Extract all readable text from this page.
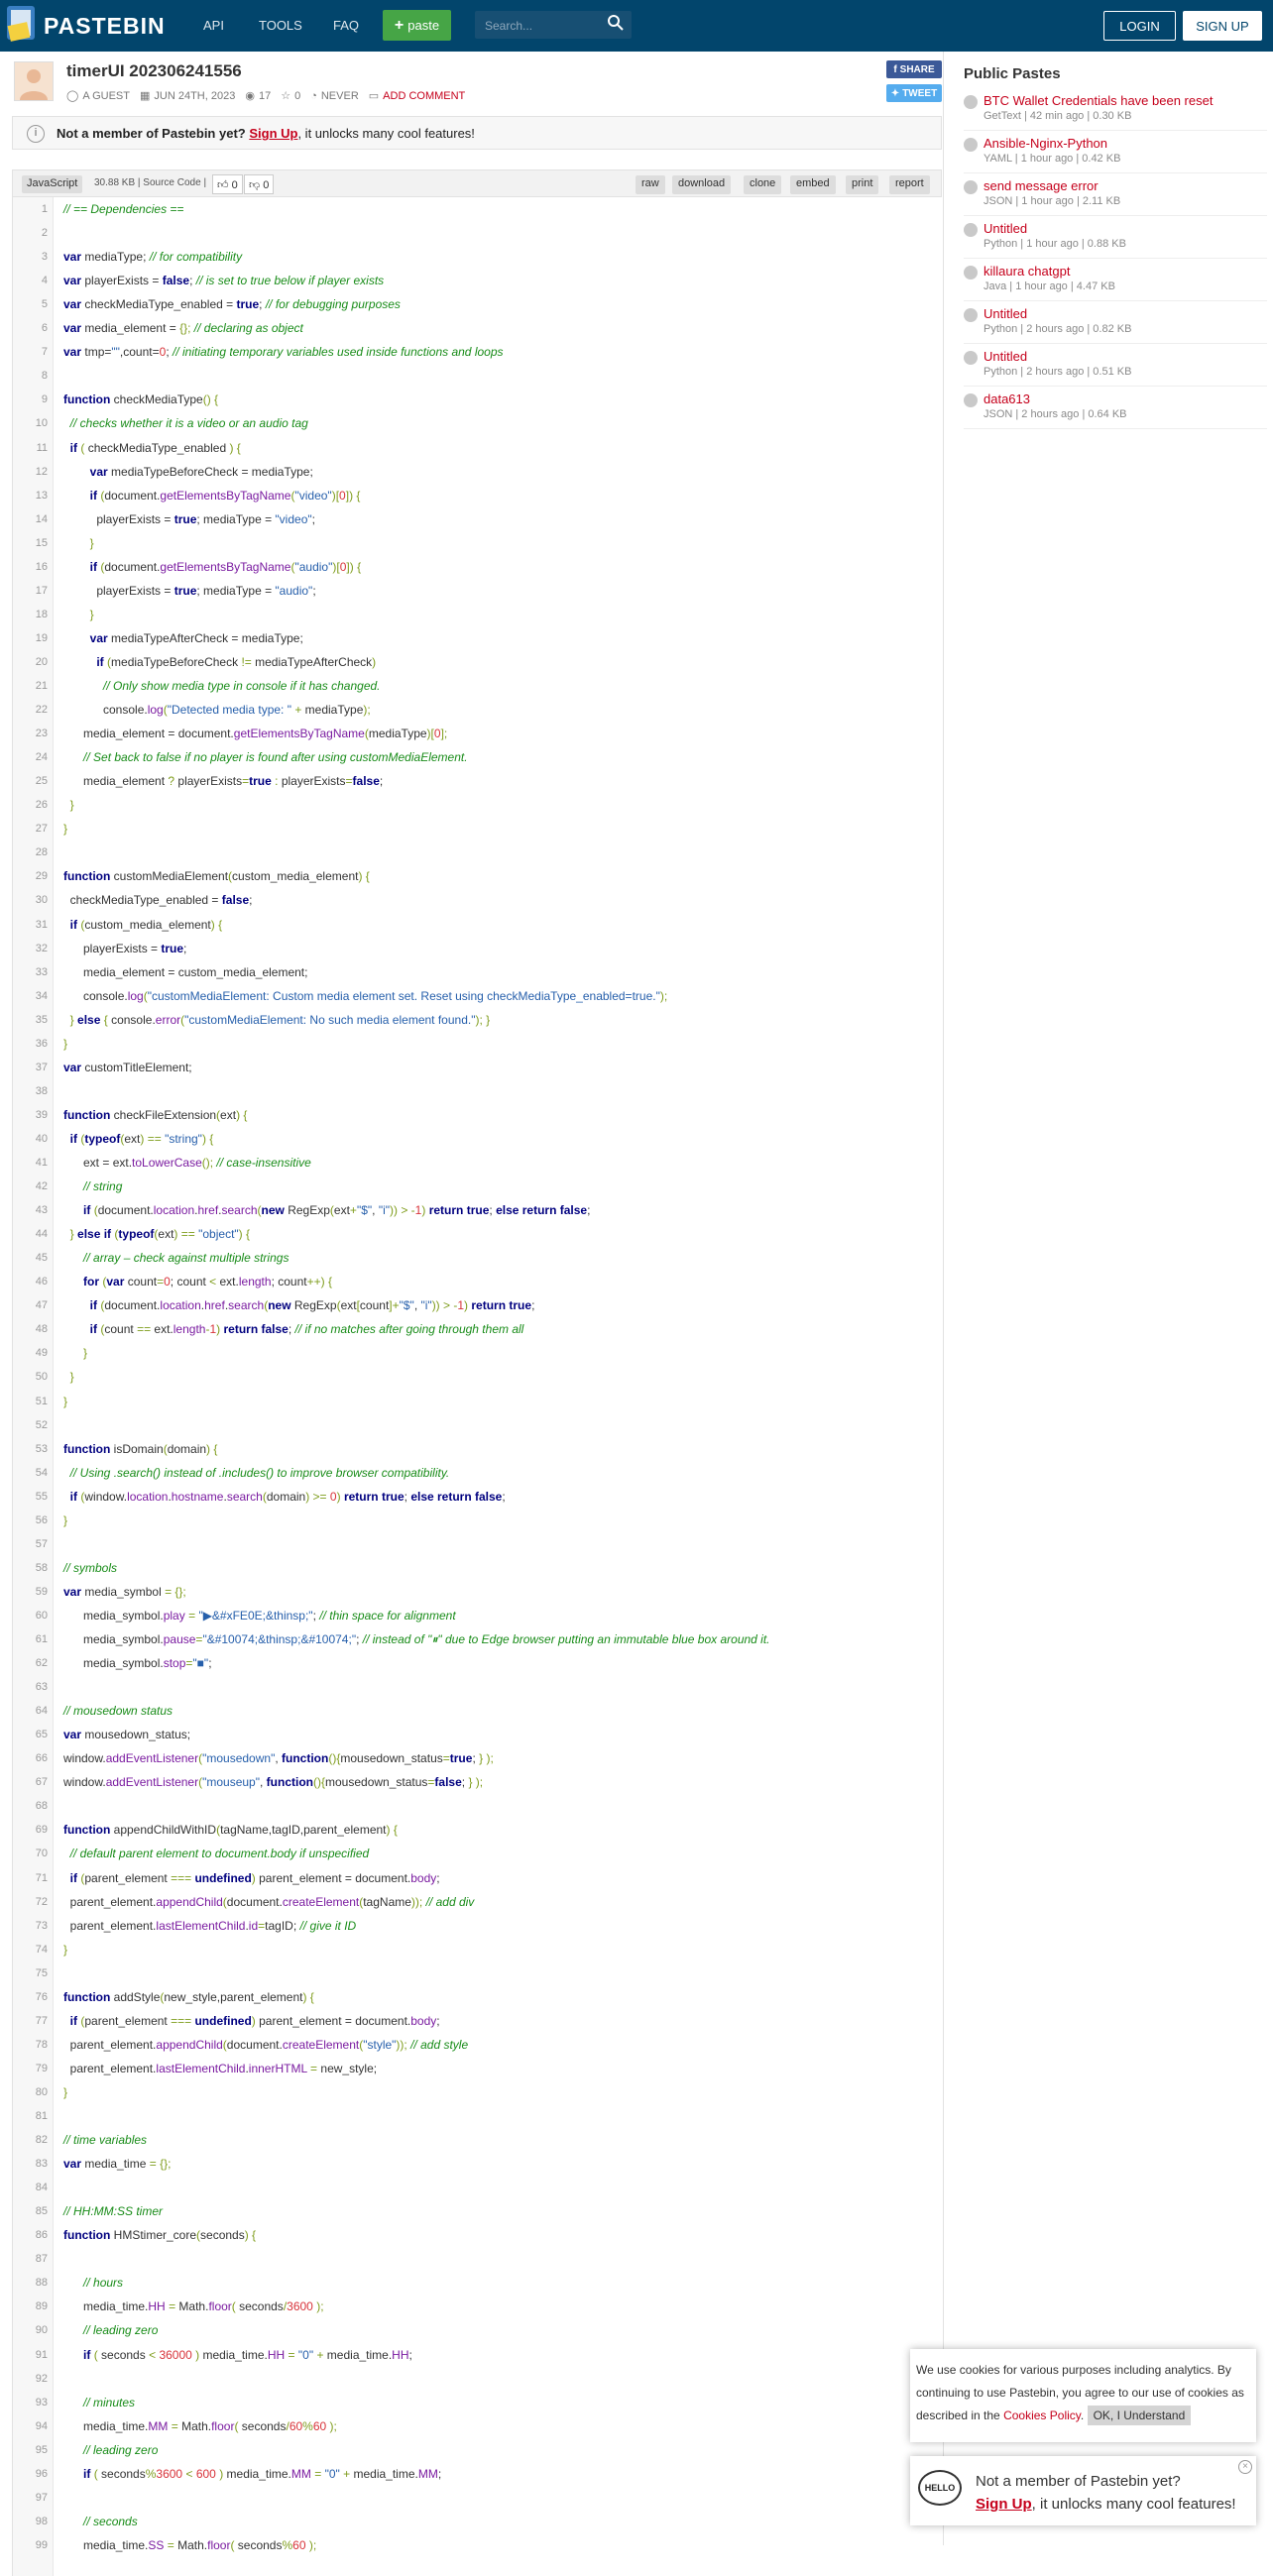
PASTEBIN	API	TOOLS FAQ + paste	Search...	LOGIN	SIGN UP
timerUI 202306241556
◯ A GUEST ▦ JUN 24TH, 2023 ◉ 17 ☆ 0 ◔ NEVER ▭ ADD COMMENT
f SHARE
✦ TWEET
i	Not a member of Pastebin yet? Sign Up, it unlocks many cool features!
JavaScript	30.88 KB | Source Code | 👍︎ 0	👎︎ 0	raw	download	clone	embed	print	report
1
2
3
4
5
6
7
8
9
10
11
12
13
14
15
16
17
18
19
20
21
22
23
24
25
26
27
28
29
30
31
32
33
34
35
36
37
38
39
40
41
42
43
44
45
46
47
48
49
50
51
52
53
54
55
56
57
58
59
60
61
62
63
64
65
66
67
68
69
70
71
72
73
74
75
76
77
78
79
80
81
82
83
84
85
86
87
88
89
90
91
92
93
94
95
96
97
98
99
// == Dependencies ==
var mediaType; // for compatibility
var playerExists = false; // is set to true below if player exists
var checkMediaType_enabled = true; // for debugging purposes
var media_element = {}; // declaring as object
var tmp="",count=0; // initiating temporary variables used inside functions and loops
function checkMediaType() {
// checks whether it is a video or an audio tag
if ( checkMediaType_enabled ) {
var mediaTypeBeforeCheck = mediaType;
if (document.getElementsByTagName("video")[0]) {
playerExists = true; mediaType = "video";
}
if (document.getElementsByTagName("audio")[0]) {
playerExists = true; mediaType = "audio";
}
var mediaTypeAfterCheck = mediaType;
if (mediaTypeBeforeCheck != mediaTypeAfterCheck)
// Only show media type in console if it has changed.
console.log("Detected media type: " + mediaType);
media_element = document.getElementsByTagName(mediaType)[0];
// Set back to false if no player is found after using customMediaElement.
media_element ? playerExists=true : playerExists=false;
}
}
function customMediaElement(custom_media_element) {
checkMediaType_enabled = false;
if (custom_media_element) {
playerExists = true;
media_element = custom_media_element;
console.log("customMediaElement: Custom media element set. Reset using checkMediaType_enabled=true.");
} else { console.error("customMediaElement: No such media element found."); }
}
var customTitleElement;
function checkFileExtension(ext) {
if (typeof(ext) == "string") {
ext = ext.toLowerCase(); // case-insensitive
// string
if (document.location.href.search(new RegExp(ext+"$", "i")) > -1) return true; else return false;
} else if (typeof(ext) == "object") {
// array – check against multiple strings
for (var count=0; count < ext.length; count++) {
if (document.location.href.search(new RegExp(ext[count]+"$", "i")) > -1) return true;
if (count == ext.length-1) return false; // if no matches after going through them all
}
}
}
function isDomain(domain) {
// Using .search() instead of .includes() to improve browser compatibility.
if (window.location.hostname.search(domain) >= 0) return true; else return false;
}
// symbols
var media_symbol = {};
media_symbol.play = "▶&#xFE0E;&thinsp;"; // thin space for alignment
media_symbol.pause="&#10074;&thinsp;&#10074;"; // instead of "⏸" due to Edge browser putting an immutable blue box around it.
media_symbol.stop="■";
// mousedown status
var mousedown_status;
window.addEventListener("mousedown", function(){mousedown_status=true; } );
window.addEventListener("mouseup", function(){mousedown_status=false; } );
function appendChildWithID(tagName,tagID,parent_element) {
// default parent element to document.body if unspecified
if (parent_element === undefined) parent_element = document.body;
parent_element.appendChild(document.createElement(tagName)); // add div
parent_element.lastElementChild.id=tagID; // give it ID
}
function addStyle(new_style,parent_element) {
if (parent_element === undefined) parent_element = document.body;
parent_element.appendChild(document.createElement("style")); // add style
parent_element.lastElementChild.innerHTML = new_style;
}
// time variables
var media_time = {};
// HH:MM:SS timer
function HMStimer_core(seconds) {
// hours
media_time.HH = Math.floor( seconds/3600 );
// leading zero
if ( seconds < 36000 ) media_time.HH = "0" + media_time.HH;
// minutes
media_time.MM = Math.floor( seconds/60%60 );
// leading zero
if ( seconds%3600 < 600 ) media_time.MM = "0" + media_time.MM;
// seconds
media_time.SS = Math.floor( seconds%60 );
Public Pastes
BTC Wallet Credentials have been reset
GetText | 42 min ago | 0.30 KB
Ansible-Nginx-Python
YAML | 1 hour ago | 0.42 KB
send message error
JSON | 1 hour ago | 2.11 KB
Untitled
Python | 1 hour ago | 0.88 KB
killaura chatgpt
Java | 1 hour ago | 4.47 KB
Untitled
Python | 2 hours ago | 0.82 KB
Untitled
Python | 2 hours ago | 0.51 KB
data613
JSON | 2 hours ago | 0.64 KB
We use cookies for various purposes including analytics. By continuing to use Pastebin, you agree to our use of cookies as described in the Cookies Policy. OK, I Understand
HELLO	Not a member of Pastebin yet?
Sign Up, it unlocks many cool features!
×
